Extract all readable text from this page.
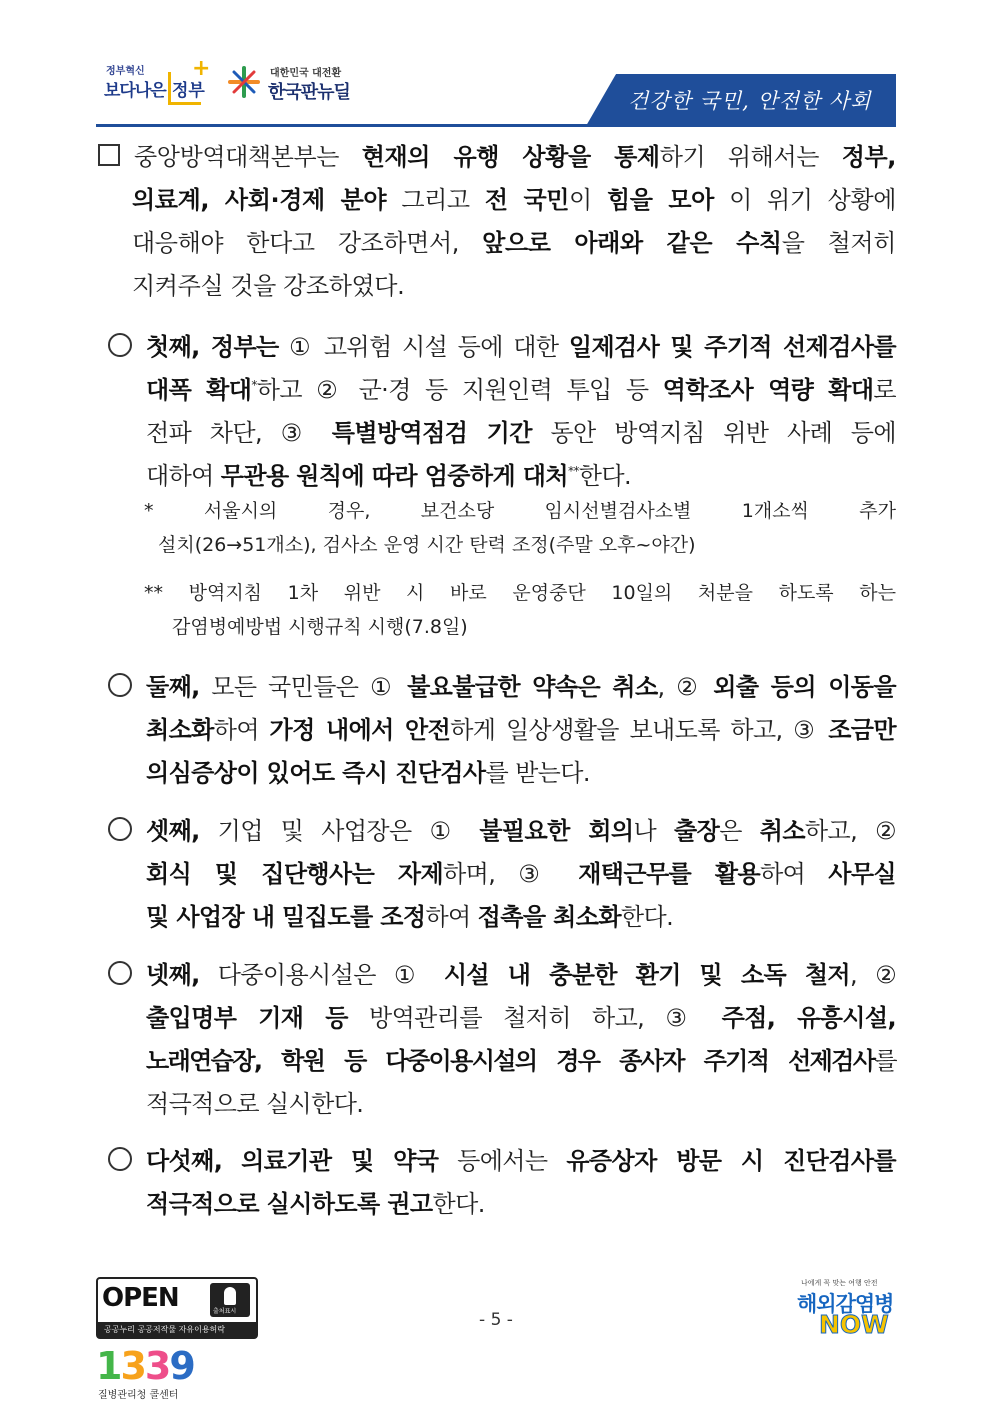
정부혁신
보다나은 정부
+	대한민국 대전환
한국판뉴딜	건강한 국민, 안전한 사회
중앙방역대책본부는 현재의 유행 상황을 통제하기 위해서는 정부,
의료계, 사회·경제 분야 그리고 전 국민이 힘을 모아 이 위기 상황에
대응해야 한다고 강조하면서, 앞으로 아래와 같은 수칙을 철저히
지켜주실 것을 강조하였다.
첫째, 정부는 ① 고위험 시설 등에 대한 일제검사 및 주기적 선제검사를
대폭 확대*하고 ② 군·경 등 지원인력 투입 등 역학조사 역량 확대로
전파 차단, ③ 특별방역점검 기간 동안 방역지침 위반 사례 등에
대하여 무관용 원칙에 따라 엄중하게 대처**한다.
* 서울시의 경우, 보건소당 임시선별검사소별 1개소씩 추가
설치(26→51개소), 검사소 운영 시간 탄력 조정(주말 오후~야간)
** 방역지침 1차 위반 시 바로 운영중단 10일의 처분을 하도록 하는
감염병예방법 시행규칙 시행(7.8일)
둘째, 모든 국민들은 ① 불요불급한 약속은 취소, ② 외출 등의 이동을
최소화하여 가정 내에서 안전하게 일상생활을 보내도록 하고, ③ 조금만
의심증상이 있어도 즉시 진단검사를 받는다.
셋째, 기업 및 사업장은 ① 불필요한 회의나 출장은 취소하고, ②
회식 및 집단행사는 자제하며, ③ 재택근무를 활용하여 사무실
및 사업장 내 밀집도를 조정하여 접촉을 최소화한다.
넷째, 다중이용시설은 ① 시설 내 충분한 환기 및 소독 철저, ②
출입명부 기재 등 방역관리를 철저히 하고, ③ 주점, 유흥시설,
노래연습장, 학원 등 다중이용시설의 경우 종사자 주기적 선제검사를
적극적으로 실시한다.
다섯째, 의료기관 및 약국 등에서는 유증상자 방문 시 진단검사를
적극적으로 실시하도록 권고한다.
OPEN	출처표시
공공누리 공공저작물 자유이용허락	- 5 -
1339
질병관리청 콜센터
나에게 꼭 맞는 여행 안전
해외감염병
NOW
